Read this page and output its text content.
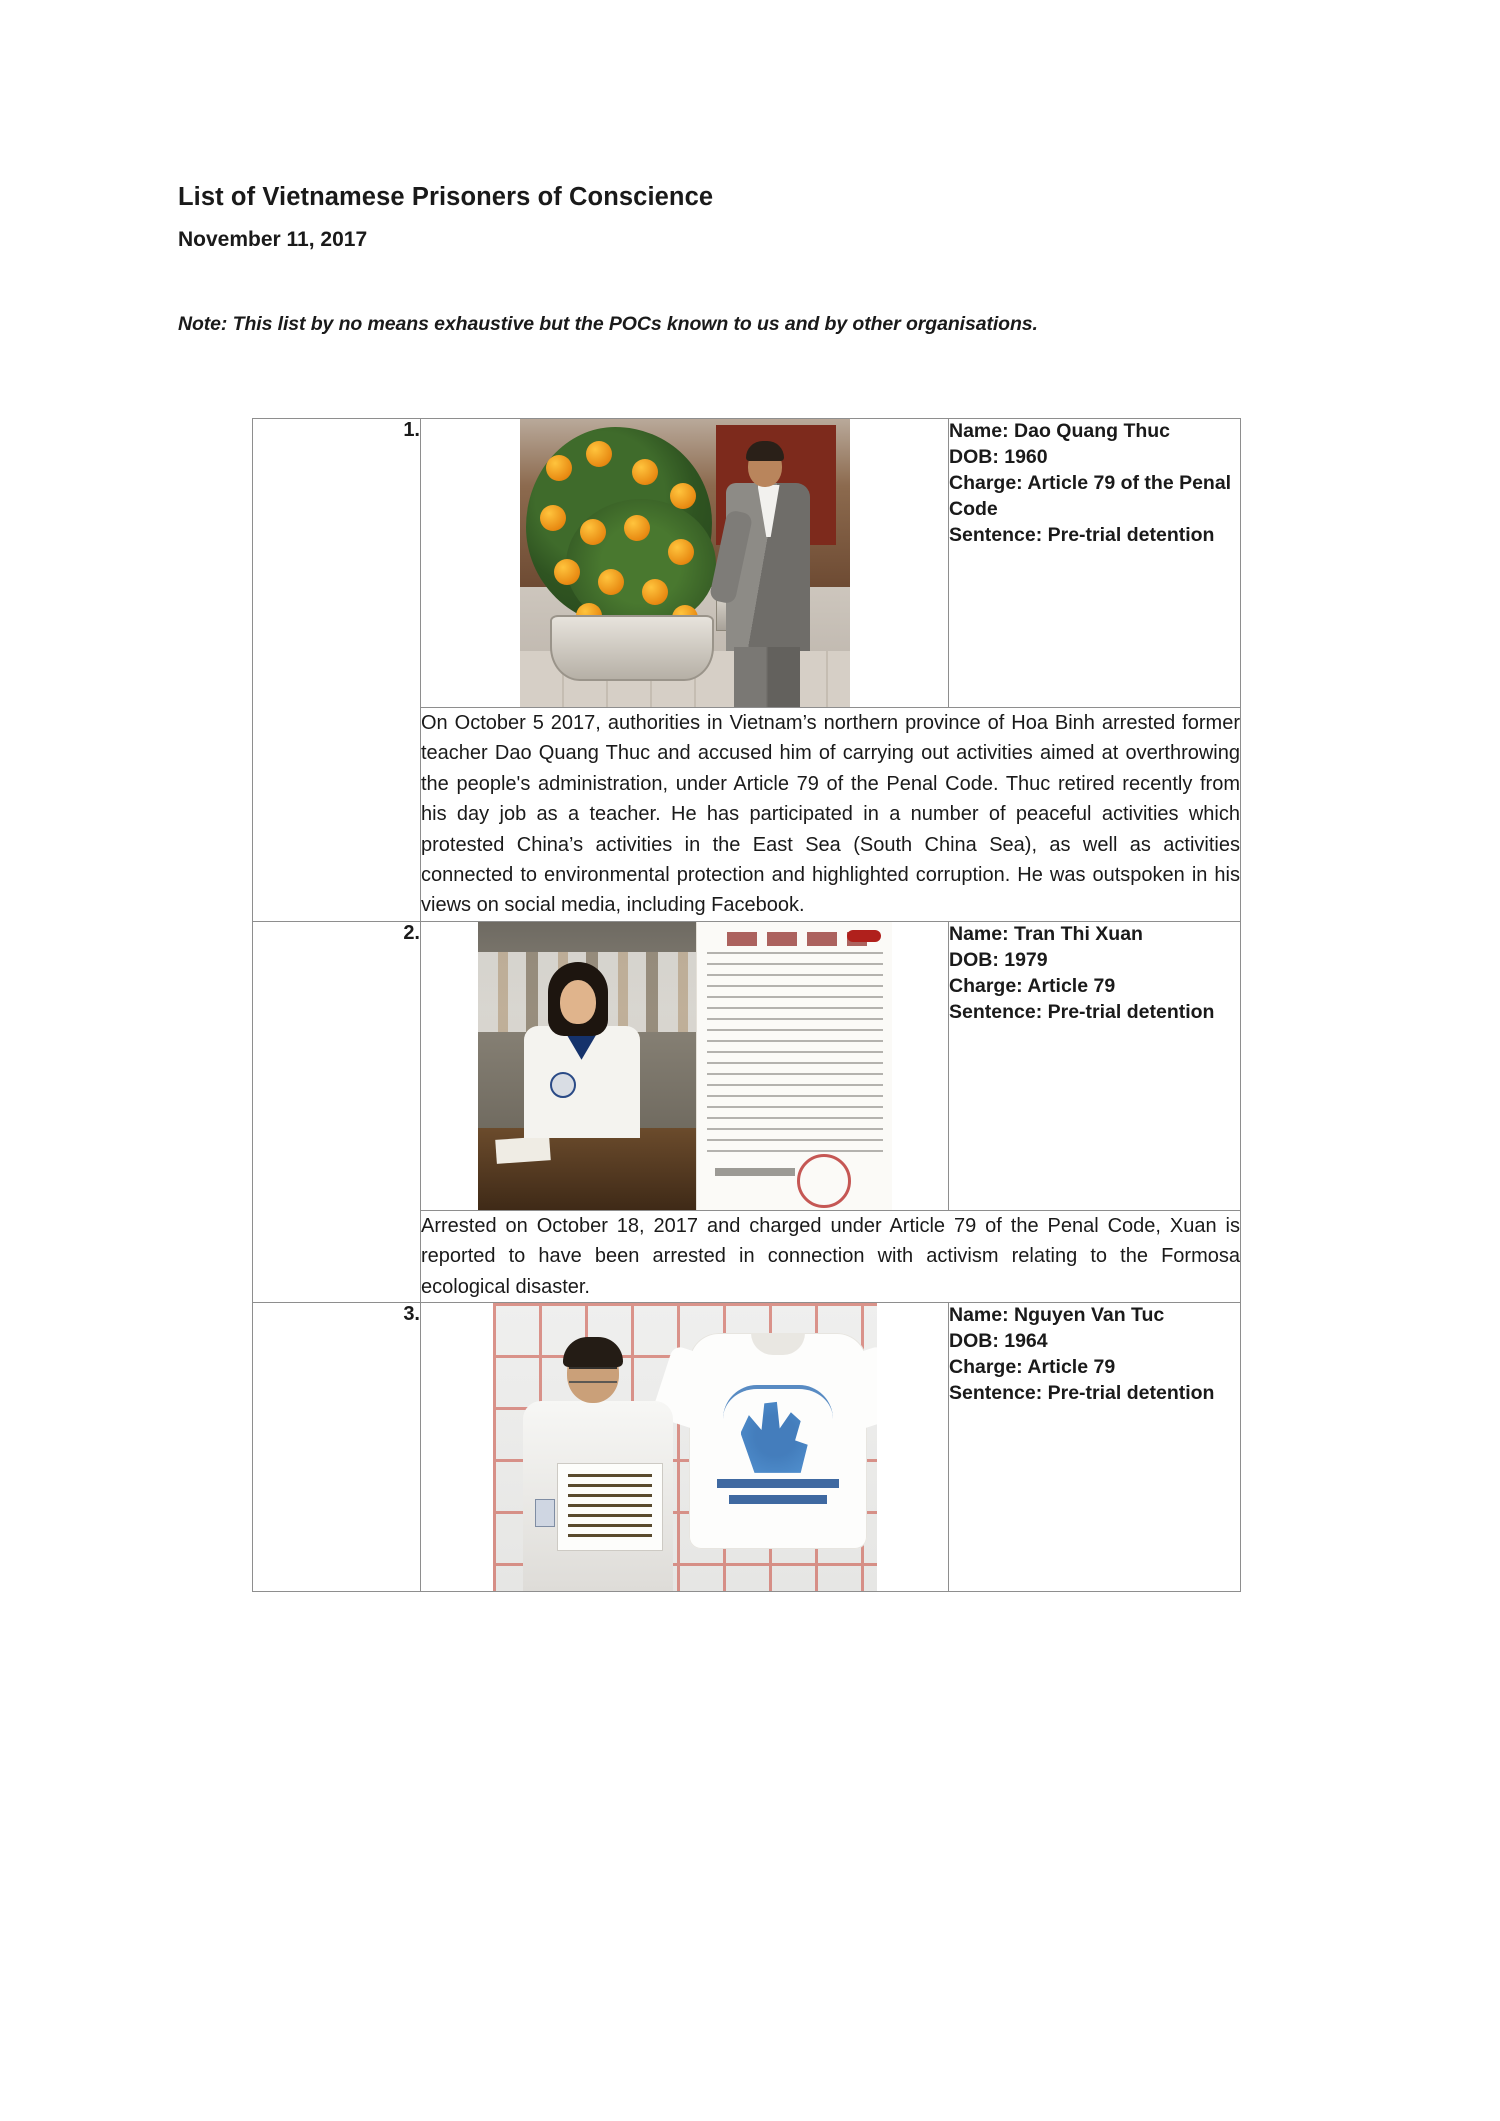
List of Vietnamese Prisoners of Conscience
November 11, 2017
Note: This list by no means exhaustive but the POCs known to us and by other organisations.
1.		Name: Dao Quang Thuc
DOB: 1960
Charge: Article 79 of the Penal Code
Sentence: Pre-trial detention

	On October 5 2017, authorities in Vietnam’s northern province of Hoa Binh arrested former teacher Dao Quang Thuc and accused him of carrying out activities aimed at overthrowing the people's administration, under Article 79 of the Penal Code. Thuc retired recently from his day job as a teacher. He has participated in a number of peaceful activities which protested China’s activities in the East Sea (South China Sea), as well as activities connected to environmental protection and highlighted corruption. He was outspoken in his views on social media, including Facebook.	
2.		Name: Tran Thi Xuan
DOB: 1979
Charge: Article 79
Sentence: Pre-trial detention

	Arrested on October 18, 2017 and charged under Article 79 of the Penal Code, Xuan is reported to have been arrested in connection with activism relating to the Formosa ecological disaster.	
3.		Name: Nguyen Van Tuc
DOB: 1964
Charge: Article 79
Sentence: Pre-trial detention
